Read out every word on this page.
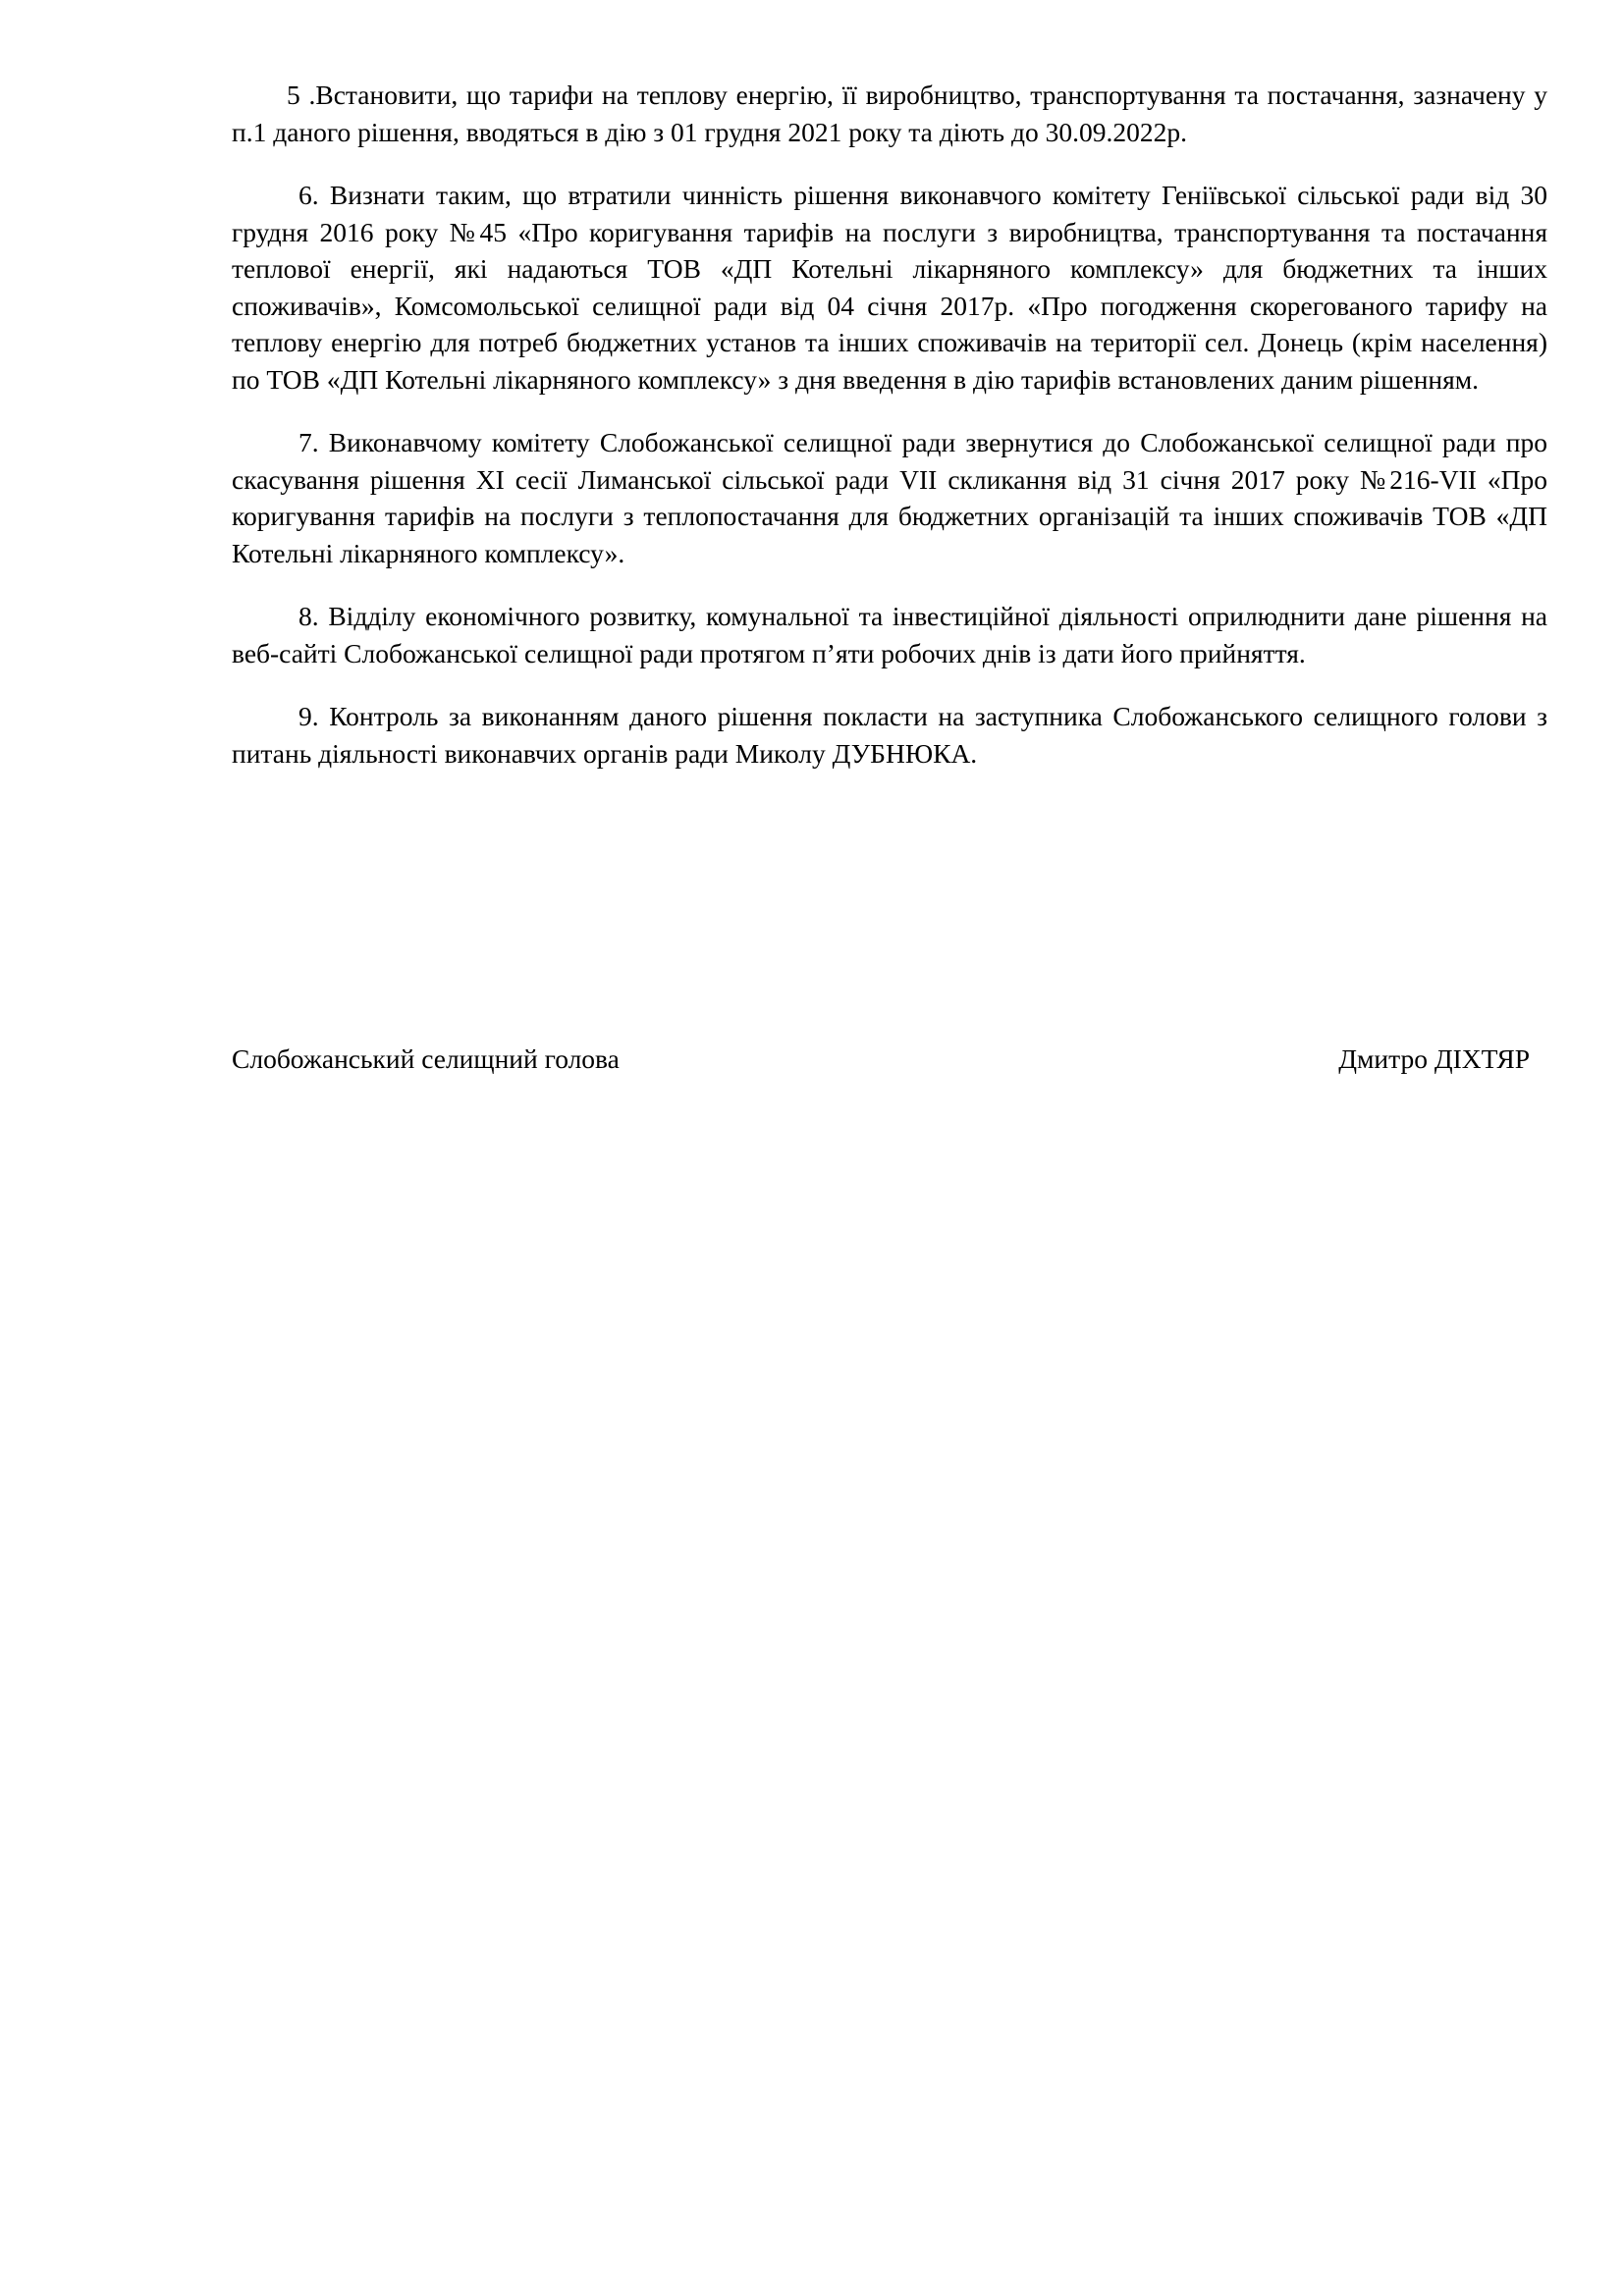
5 .Встановити, що тарифи на теплову енергію, її виробництво, транспортування та постачання, зазначену у п.1 даного рішення, вводяться в дію з 01 грудня 2021 року та діють до 30.09.2022р.

6. Визнати таким, що втратили чинність рішення виконавчого комітету Геніївської сільської ради від 30 грудня 2016 року №45 «Про коригування тарифів на послуги з виробництва, транспортування та постачання теплової енергії, які надаються ТОВ «ДП Котельні лікарняного комплексу» для бюджетних та інших споживачів», Комсомольської селищної ради від 04 січня 2017р. «Про погодження скорегованого тарифу на теплову енергію для потреб бюджетних установ та інших споживачів на території сел. Донець (крім населення) по ТОВ «ДП Котельні лікарняного комплексу» з дня введення в дію тарифів встановлених даним рішенням.

7. Виконавчому комітету Слобожанської селищної ради звернутися до Слобожанської селищної ради про скасування рішення XI сесії Лиманської сільської ради VII скликання від 31 січня 2017 року №216-VII «Про коригування тарифів на послуги з теплопостачання для бюджетних організацій та інших споживачів ТОВ «ДП Котельні лікарняного комплексу».

8. Відділу економічного розвитку, комунальної та інвестиційної діяльності оприлюднити дане рішення на веб-сайті Слобожанської селищної ради протягом п’яти робочих днів із дати його прийняття.

9. Контроль за виконанням даного рішення покласти на заступника Слобожанського селищного голови з питань діяльності виконавчих органів ради Миколу ДУБНЮКА.

Слобожанський селищний голова	Дмитро ДІХТЯР
